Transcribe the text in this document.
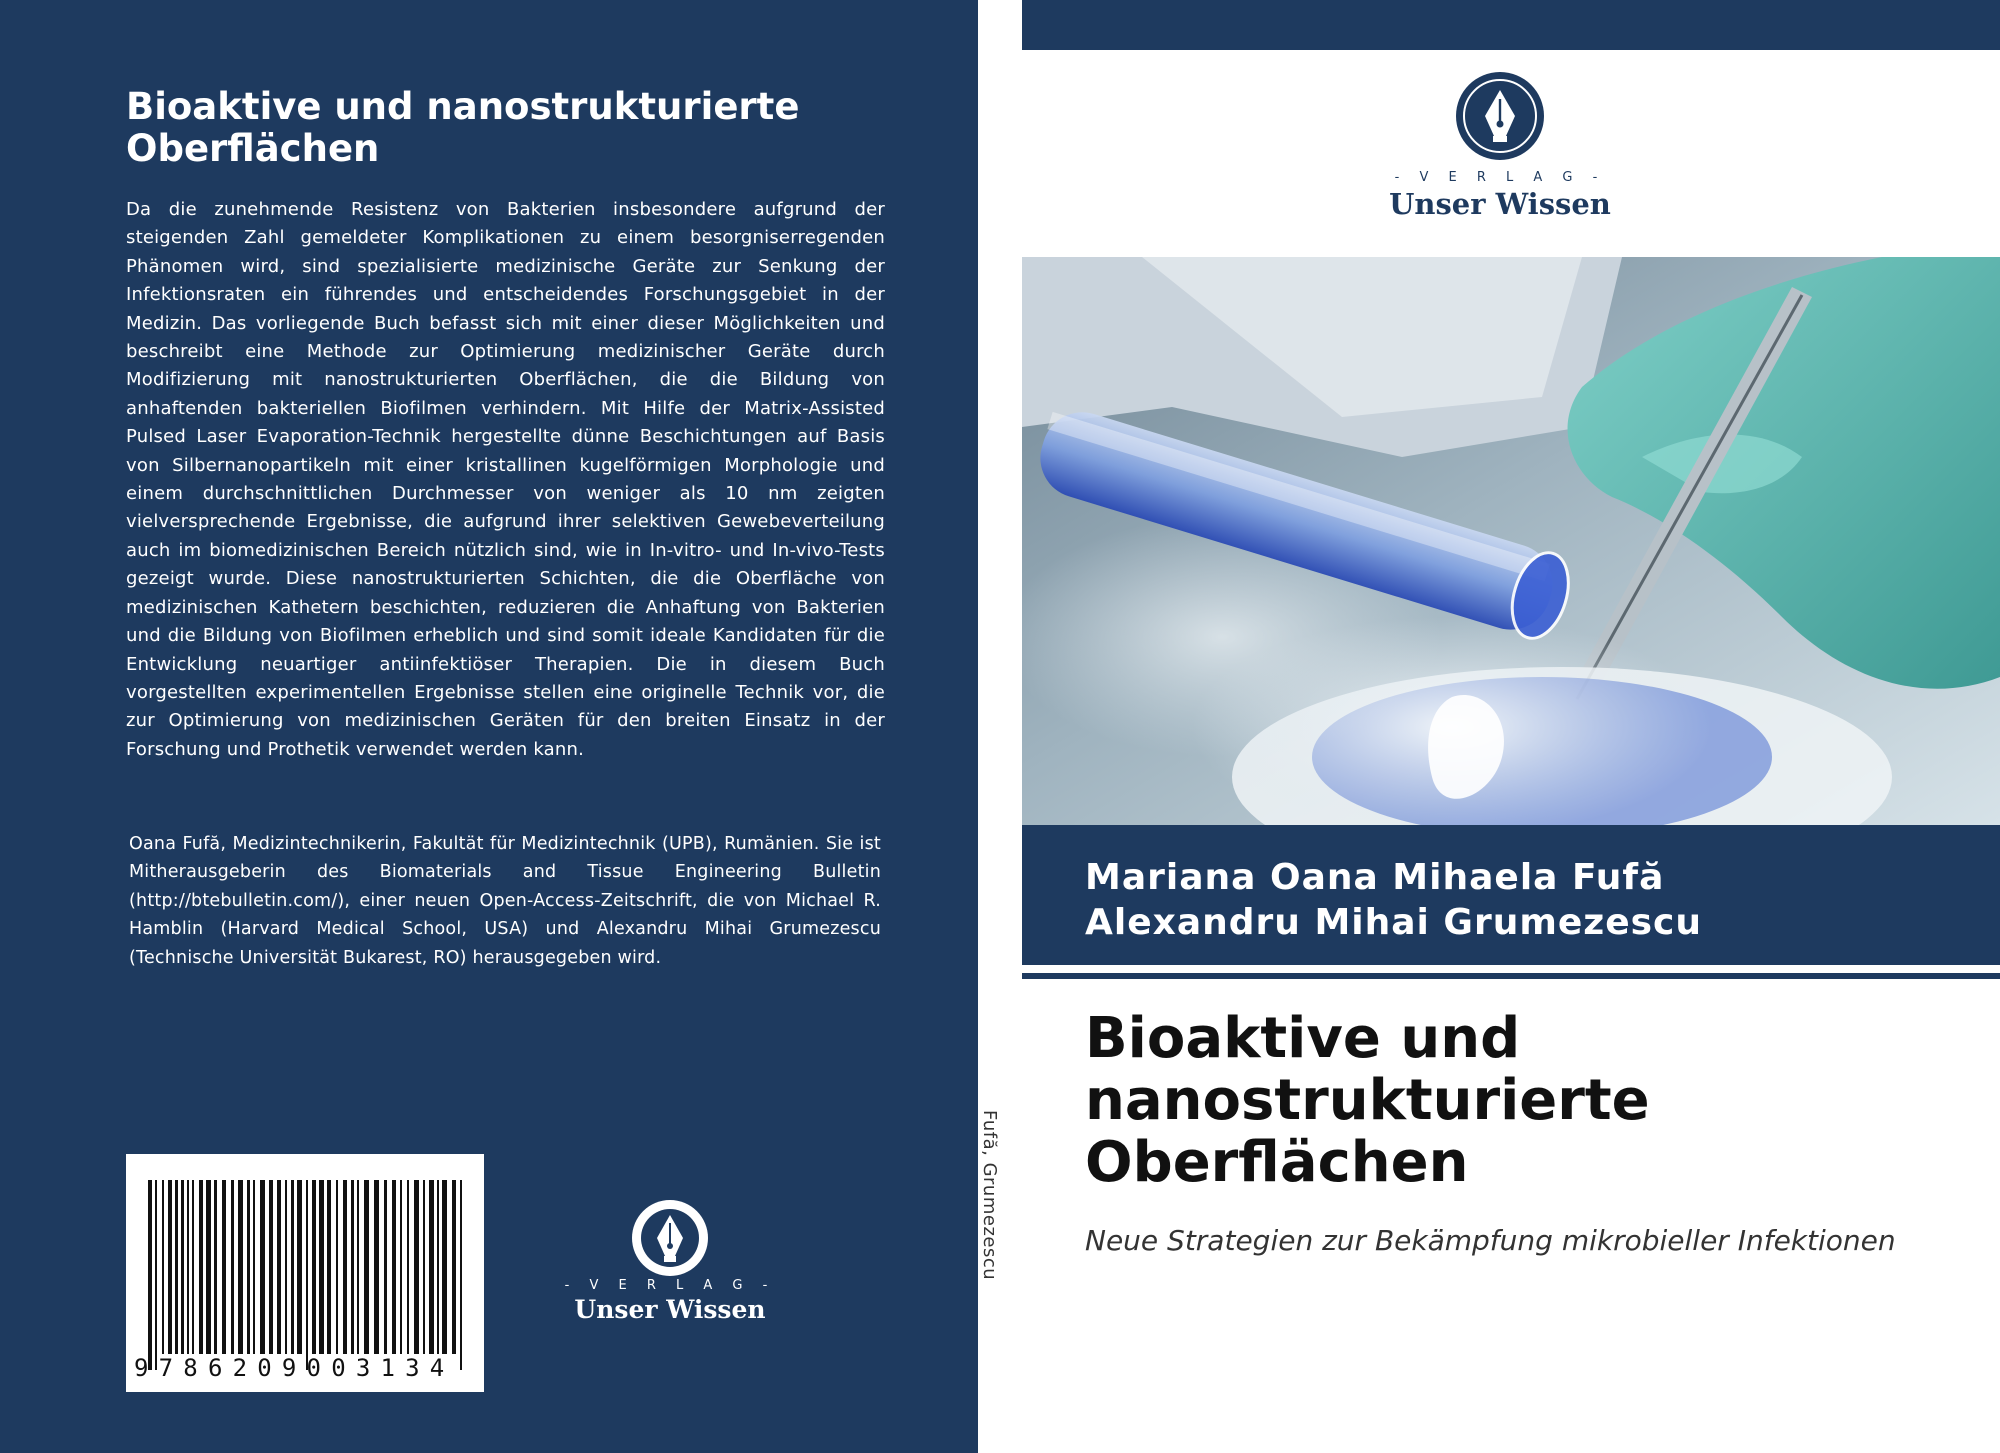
Bioaktive und nanostrukturierte Oberflächen

Da die zunehmende Resistenz von Bakterien insbesondere aufgrund der steigenden Zahl gemeldeter Komplikationen zu einem besorgniserregenden Phänomen wird, sind spezialisierte medizinische Geräte zur Senkung der Infektionsraten ein führendes und entscheidendes Forschungsgebiet in der Medizin. Das vorliegende Buch befasst sich mit einer dieser Möglichkeiten und beschreibt eine Methode zur Optimierung medizinischer Geräte durch Modifizierung mit nanostrukturierten Oberflächen, die die Bildung von anhaftenden bakteriellen Biofilmen verhindern. Mit Hilfe der Matrix-Assisted Pulsed Laser Evaporation-Technik hergestellte dünne Beschichtungen auf Basis von Silbernanopartikeln mit einer kristallinen kugelförmigen Morphologie und einem durchschnittlichen Durchmesser von weniger als 10 nm zeigten vielversprechende Ergebnisse, die aufgrund ihrer selektiven Gewebeverteilung auch im biomedizinischen Bereich nützlich sind, wie in In-vitro- und In-vivo-Tests gezeigt wurde. Diese nanostrukturierten Schichten, die die Oberfläche von medizinischen Kathetern beschichten, reduzieren die Anhaftung von Bakterien und die Bildung von Biofilmen erheblich und sind somit ideale Kandidaten für die Entwicklung neuartiger antiinfektiöser Therapien. Die in diesem Buch vorgestellten experimentellen Ergebnisse stellen eine originelle Technik vor, die zur Optimierung von medizinischen Geräten für den breiten Einsatz in der Forschung und Prothetik verwendet werden kann.

Oana Fufă, Medizintechnikerin, Fakultät für Medizintechnik (UPB), Rumänien. Sie ist Mitherausgeberin des Biomaterials and Tissue Engineering Bulletin (http://btebulletin.com/), einer neuen Open-Access-Zeitschrift, die von Michael R. Hamblin (Harvard Medical School, USA) und Alexandru Mihai Grumezescu (Technische Universität Bukarest, RO) herausgegeben wird.

9786209003134
- V E R L A G -
Unser Wissen
Fufă, Grumezescu
- V E R L A G -
Unser Wissen
Mariana Oana Mihaela Fufă
Alexandru Mihai Grumezescu
Bioaktive und nanostrukturierte Oberflächen

Neue Strategien zur Bekämpfung mikrobieller Infektionen
